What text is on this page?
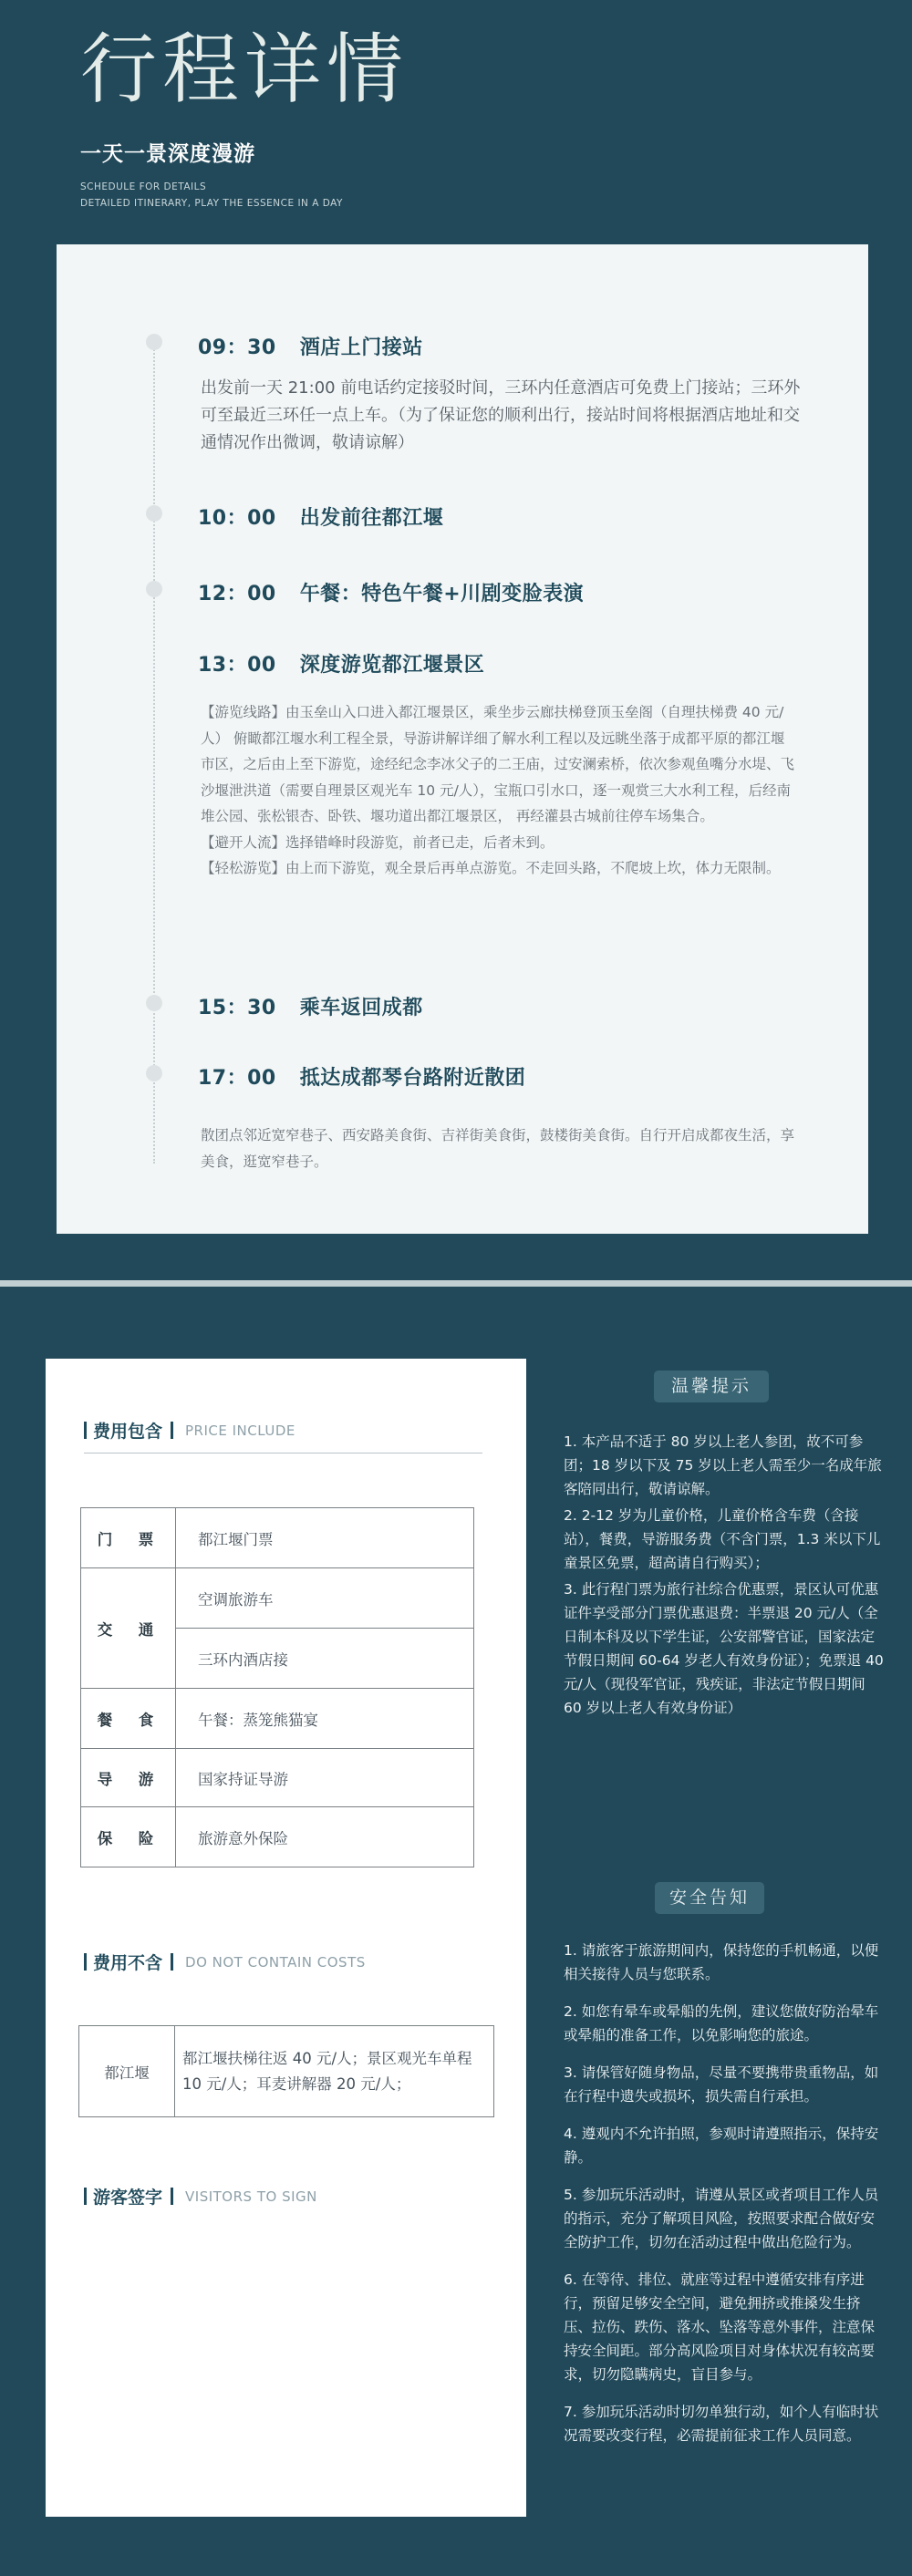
行程详情
一天一景深度漫游
SCHEDULE FOR DETAILS
DETAILED ITINERARY, PLAY THE ESSENCE IN A DAY
09：30 酒店上门接站
出发前一天 21:00 前电话约定接驳时间，三环内任意酒店可免费上门接站；三环外可至最近三环任一点上车。（为了保证您的顺利出行，接站时间将根据酒店地址和交通情况作出微调，敬请谅解）
10：00 出发前往都江堰
12：00 午餐：特色午餐+川剧变脸表演
13：00 深度游览都江堰景区
【游览线路】由玉垒山入口进入都江堰景区，乘坐步云廊扶梯登顶玉垒阁（自理扶梯费 40 元/人） 俯瞰都江堰水利工程全景，导游讲解详细了解水利工程以及远眺坐落于成都平原的都江堰市区，之后由上至下游览，途经纪念李冰父子的二王庙，过安澜索桥，依次参观鱼嘴分水堤、飞沙堰泄洪道（需要自理景区观光车 10 元/人），宝瓶口引水口，逐一观赏三大水利工程，后经南堆公园、张松银杏、卧铁、堰功道出都江堰景区， 再经灌县古城前往停车场集合。
【避开人流】选择错峰时段游览，前者已走，后者未到。
【轻松游览】由上而下游览，观全景后再单点游览。不走回头路，不爬坡上坎，体力无限制。
15：30 乘车返回成都
17：00 抵达成都琴台路附近散团
散团点邻近宽窄巷子、西安路美食街、吉祥街美食街，鼓楼街美食街。自行开启成都夜生活，享美食，逛宽窄巷子。
费用包含 PRICE INCLUDE
门　票	都江堰门票
交　通	空调旅游车
	三环内酒店接
餐　食	午餐：蒸笼熊猫宴
导　游	国家持证导游
保　险	旅游意外保险
费用不含 DO NOT CONTAIN COSTS
都江堰	都江堰扶梯往返 40 元/人；景区观光车单程 10 元/人；耳麦讲解器 20 元/人；
游客签字 VISITORS TO SIGN
温馨提示

1. 本产品不适于 80 岁以上老人参团，故不可参团；18 岁以下及 75 岁以上老人需至少一名成年旅客陪同出行，敬请谅解。

2. 2-12 岁为儿童价格，儿童价格含车费（含接站），餐费，导游服务费（不含门票，1.3 米以下儿童景区免票，超高请自行购买）；

3. 此行程门票为旅行社综合优惠票，景区认可优惠证件享受部分门票优惠退费：半票退 20 元/人（全日制本科及以下学生证，公安部警官证，国家法定节假日期间 60-64 岁老人有效身份证）；免票退 40 元/人（现役军官证，残疾证，非法定节假日期间 60 岁以上老人有效身份证）

安全告知

1. 请旅客于旅游期间内，保持您的手机畅通，以便相关接待人员与您联系。

2. 如您有晕车或晕船的先例，建议您做好防治晕车或晕船的准备工作，以免影响您的旅途。

3. 请保管好随身物品，尽量不要携带贵重物品，如在行程中遗失或损坏，损失需自行承担。

4. 遵观内不允许拍照，参观时请遵照指示，保持安静。

5. 参加玩乐活动时，请遵从景区或者项目工作人员的指示，充分了解项目风险，按照要求配合做好安全防护工作，切勿在活动过程中做出危险行为。

6. 在等待、排位、就座等过程中遵循安排有序进行，预留足够安全空间，避免拥挤或推搡发生挤压、拉伤、跌伤、落水、坠落等意外事件，注意保持安全间距。部分高风险项目对身体状况有较高要求，切勿隐瞒病史，盲目参与。

7. 参加玩乐活动时切勿单独行动，如个人有临时状况需要改变行程，必需提前征求工作人员同意。
